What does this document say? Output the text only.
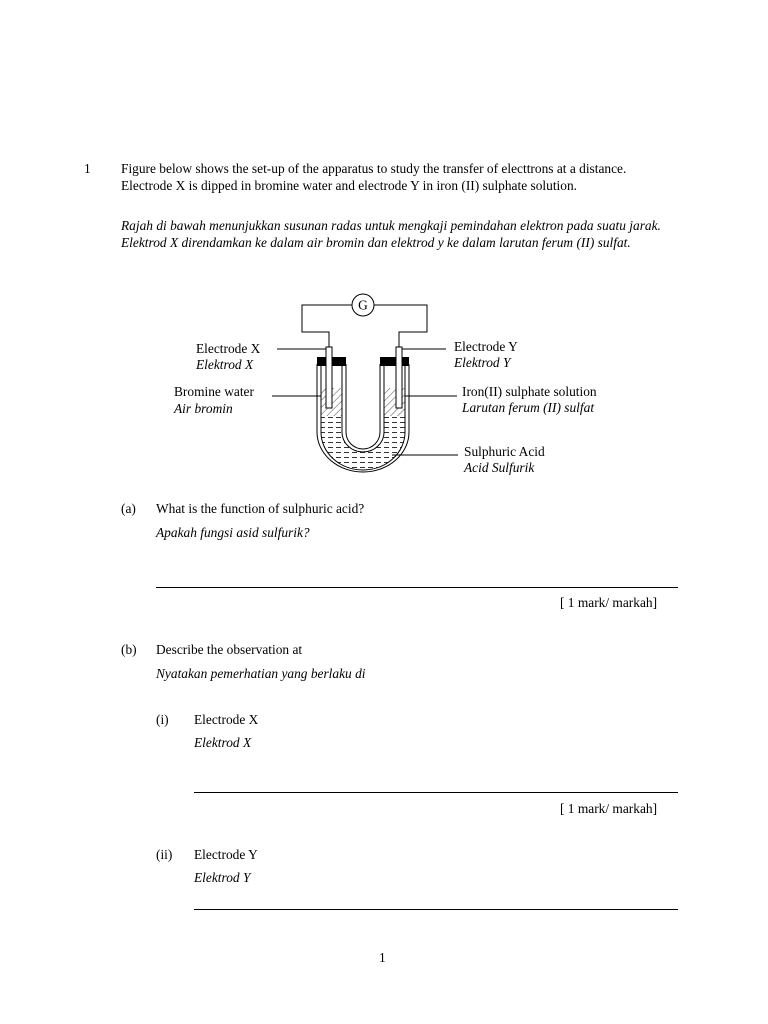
1 Figure below shows the set-up of the apparatus to study the transfer of electtrons at a distance. Electrode X is dipped in bromine water and electrode Y in iron (II) sulphate solution.
Rajah di bawah menunjukkan susunan radas untuk mengkaji pemindahan elektron pada suatu jarak. Elektrod X direndamkan ke dalam air bromin dan elektrod y ke dalam larutan ferum (II) sulfat.
G
Electrode X
Elektrod X
Bromine water
Air bromin
Electrode Y
Elektrod Y
Iron(II) sulphate solution
Larutan ferum (II) sulfat
Sulphuric Acid
Acid Sulfurik
(a) What is the function of sulphuric acid?
Apakah fungsi asid sulfurik?
[ 1 mark/ markah]
(b) Describe the observation at
Nyatakan pemerhatian yang berlaku di
(i) Electrode X
Elektrod X
[ 1 mark/ markah]
(ii) Electrode Y
Elektrod Y
1
